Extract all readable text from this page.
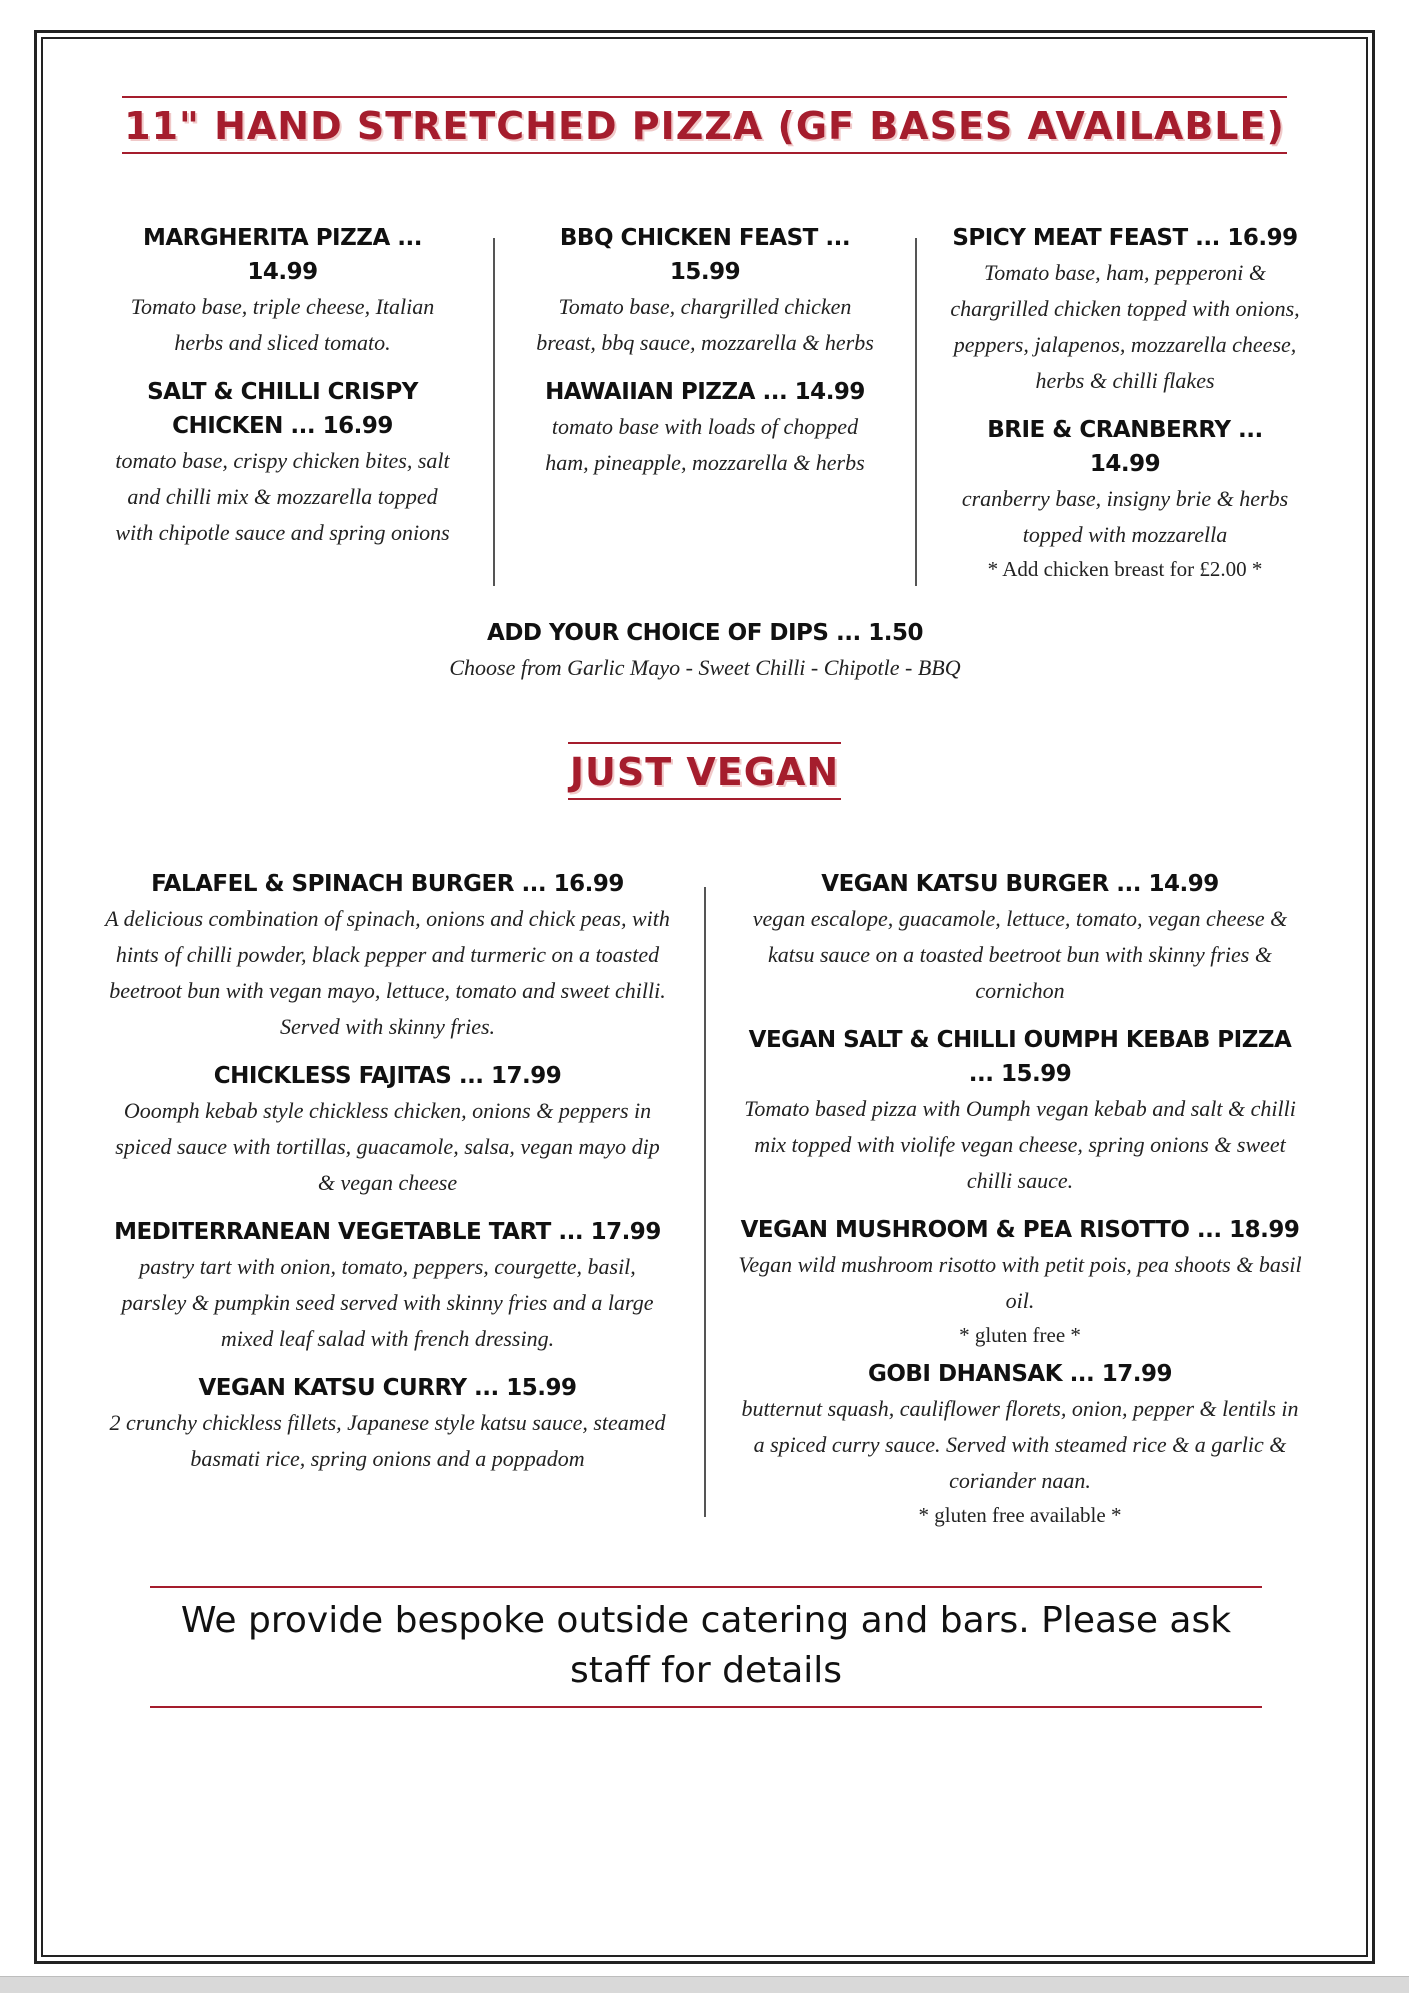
11" HAND STRETCHED PIZZA (GF BASES AVAILABLE)
MARGHERITA PIZZA ... 14.99
Tomato base, triple cheese, Italian herbs and sliced tomato.
SALT & CHILLI CRISPY CHICKEN ... 16.99
tomato base, crispy chicken bites, salt and chilli mix & mozzarella topped with chipotle sauce and spring onions
BBQ CHICKEN FEAST ... 15.99
Tomato base, chargrilled chicken breast, bbq sauce, mozzarella & herbs
HAWAIIAN PIZZA ... 14.99
tomato base with loads of chopped ham, pineapple, mozzarella & herbs
SPICY MEAT FEAST ... 16.99
Tomato base, ham, pepperoni & chargrilled chicken topped with onions, peppers, jalapenos, mozzarella cheese, herbs & chilli flakes
BRIE & CRANBERRY ... 14.99
cranberry base, insigny brie & herbs topped with mozzarella
* Add chicken breast for £2.00 *
ADD YOUR CHOICE OF DIPS ... 1.50
Choose from Garlic Mayo - Sweet Chilli - Chipotle - BBQ
JUST VEGAN
FALAFEL & SPINACH BURGER ... 16.99
A delicious combination of spinach, onions and chick peas, with hints of chilli powder, black pepper and turmeric on a toasted beetroot bun with vegan mayo, lettuce, tomato and sweet chilli. Served with skinny fries.
CHICKLESS FAJITAS ... 17.99
Ooomph kebab style chickless chicken, onions & peppers in spiced sauce with tortillas, guacamole, salsa, vegan mayo dip & vegan cheese
MEDITERRANEAN VEGETABLE TART ... 17.99
pastry tart with onion, tomato, peppers, courgette, basil, parsley & pumpkin seed served with skinny fries and a large mixed leaf salad with french dressing.
VEGAN KATSU CURRY ... 15.99
2 crunchy chickless fillets, Japanese style katsu sauce, steamed basmati rice, spring onions and a poppadom
VEGAN KATSU BURGER ... 14.99
vegan escalope, guacamole, lettuce, tomato, vegan cheese & katsu sauce on a toasted beetroot bun with skinny fries & cornichon
VEGAN SALT & CHILLI OUMPH KEBAB PIZZA ... 15.99
Tomato based pizza with Oumph vegan kebab and salt & chilli mix topped with violife vegan cheese, spring onions & sweet chilli sauce.
VEGAN MUSHROOM & PEA RISOTTO ... 18.99
Vegan wild mushroom risotto with petit pois, pea shoots & basil oil.
* gluten free *
GOBI DHANSAK ... 17.99
butternut squash, cauliflower florets, onion, pepper & lentils in a spiced curry sauce. Served with steamed rice & a garlic & coriander naan.
* gluten free available *
We provide bespoke outside catering and bars. Please ask staff for details
